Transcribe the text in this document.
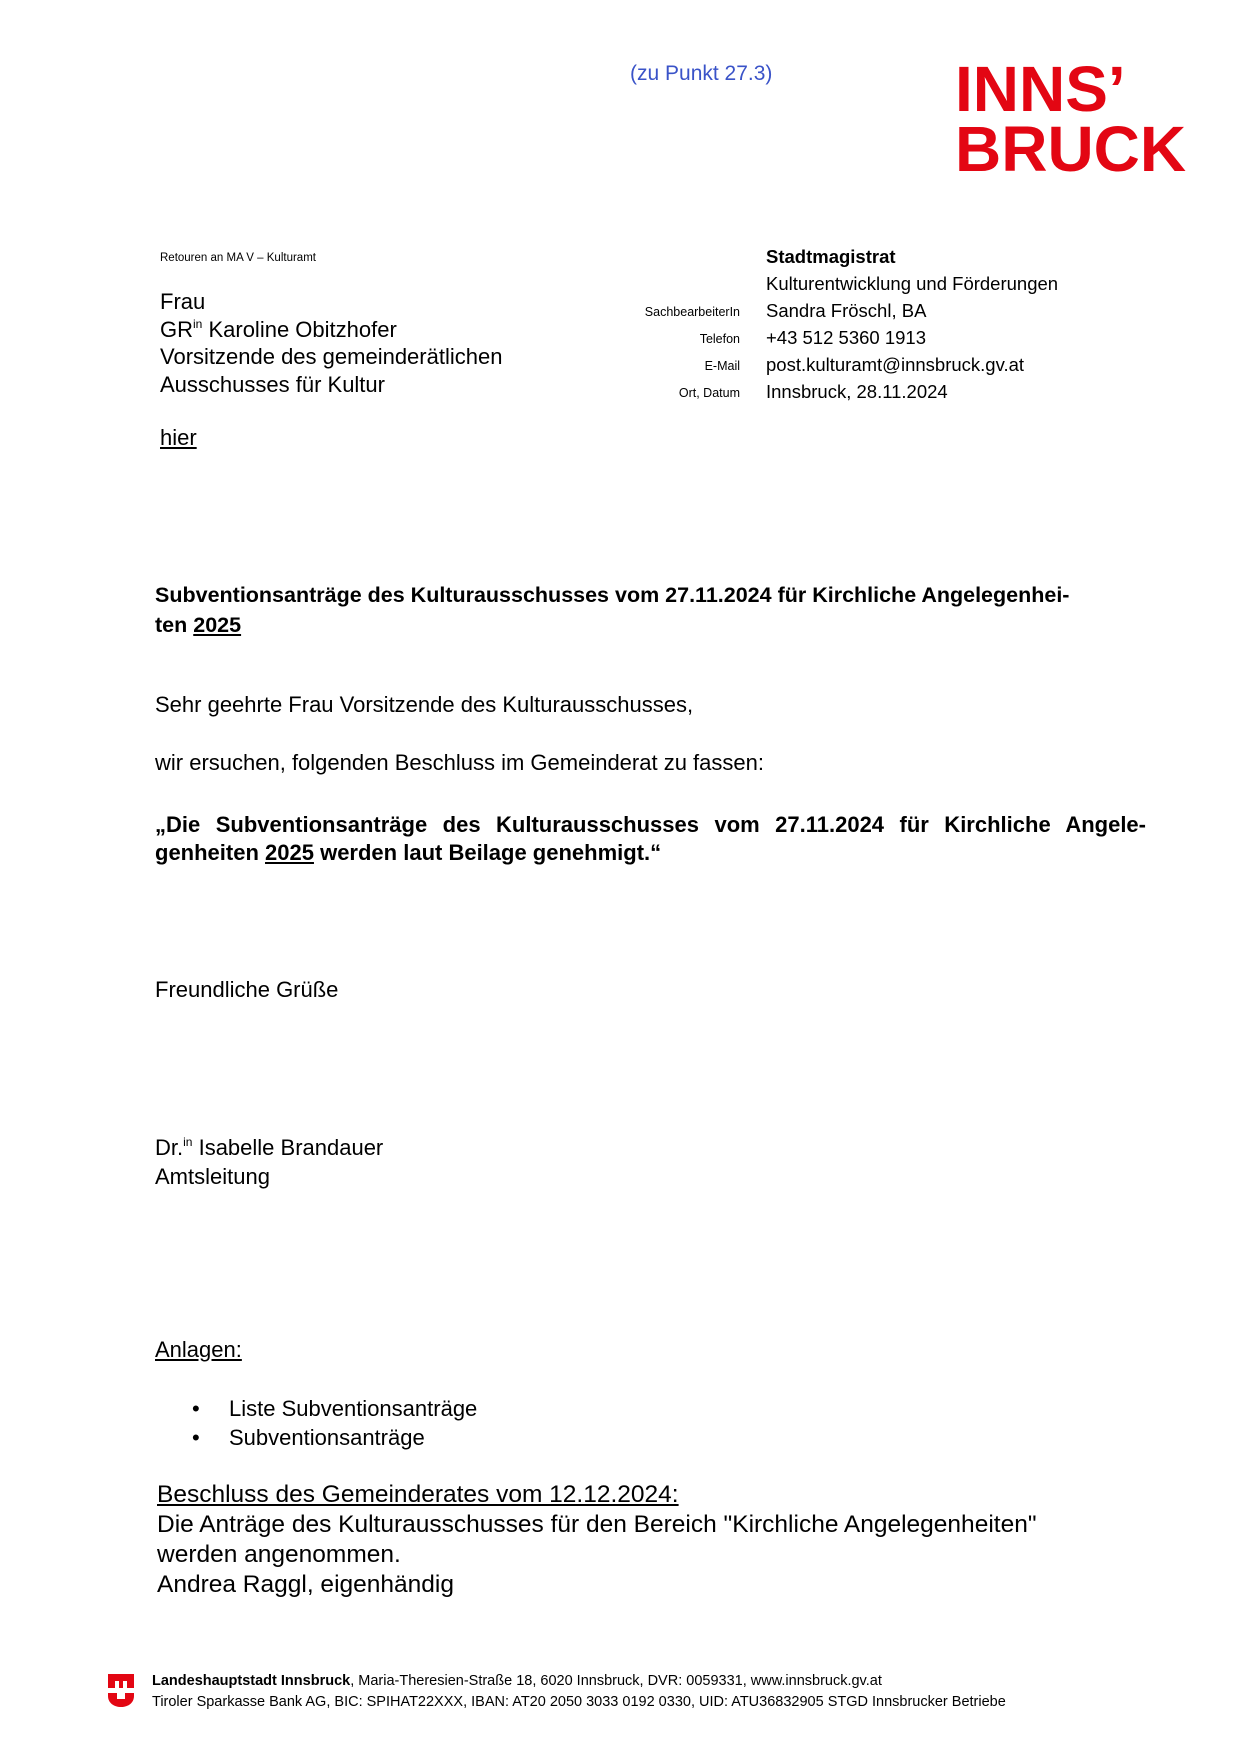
(zu Punkt 27.3)	INNS’
BRUCK
Retouren an MA V – Kulturamt
Frau
$GR^{in}$ Karoline Obitzhofer
Vorsitzende des gemeinderätlichen
Ausschusses für Kultur
hier
SachbearbeiterIn
Telefon
E-Mail
Ort, Datum
Stadtmagistrat
Kulturentwicklung und Förderungen
Sandra Fröschl, BA
+43 512 5360 1913
post.kulturamt@innsbruck.gv.at
Innsbruck, 28.11.2024
Subventionsanträge des Kulturausschusses vom 27.11.2024 für Kirchliche Angelegenhei-
ten 2025
Sehr geehrte Frau Vorsitzende des Kulturausschusses,
wir ersuchen, folgenden Beschluss im Gemeinderat zu fassen:
„Die Subventionsanträge des Kulturausschusses vom 27.11.2024 für Kirchliche Angele-
genheiten 2025 werden laut Beilage genehmigt.“
Freundliche Grüße
Dr.$^{in}$ Isabelle Brandauer
Amtsleitung
Anlagen:
• Liste Subventionsanträge
• Subventionsanträge
Beschluss des Gemeinderates vom 12.12.2024:
Die Anträge des Kulturausschusses für den Bereich "Kirchliche Angelegenheiten"
werden angenommen.
Andrea Raggl, eigenhändig
Landeshauptstadt Innsbruck, Maria-Theresien-Straße 18, 6020 Innsbruck, DVR: 0059331, www.innsbruck.gv.at
Tiroler Sparkasse Bank AG, BIC: SPIHAT22XXX, IBAN: AT20 2050 3033 0192 0330, UID: ATU36832905 STGD Innsbrucker Betriebe
